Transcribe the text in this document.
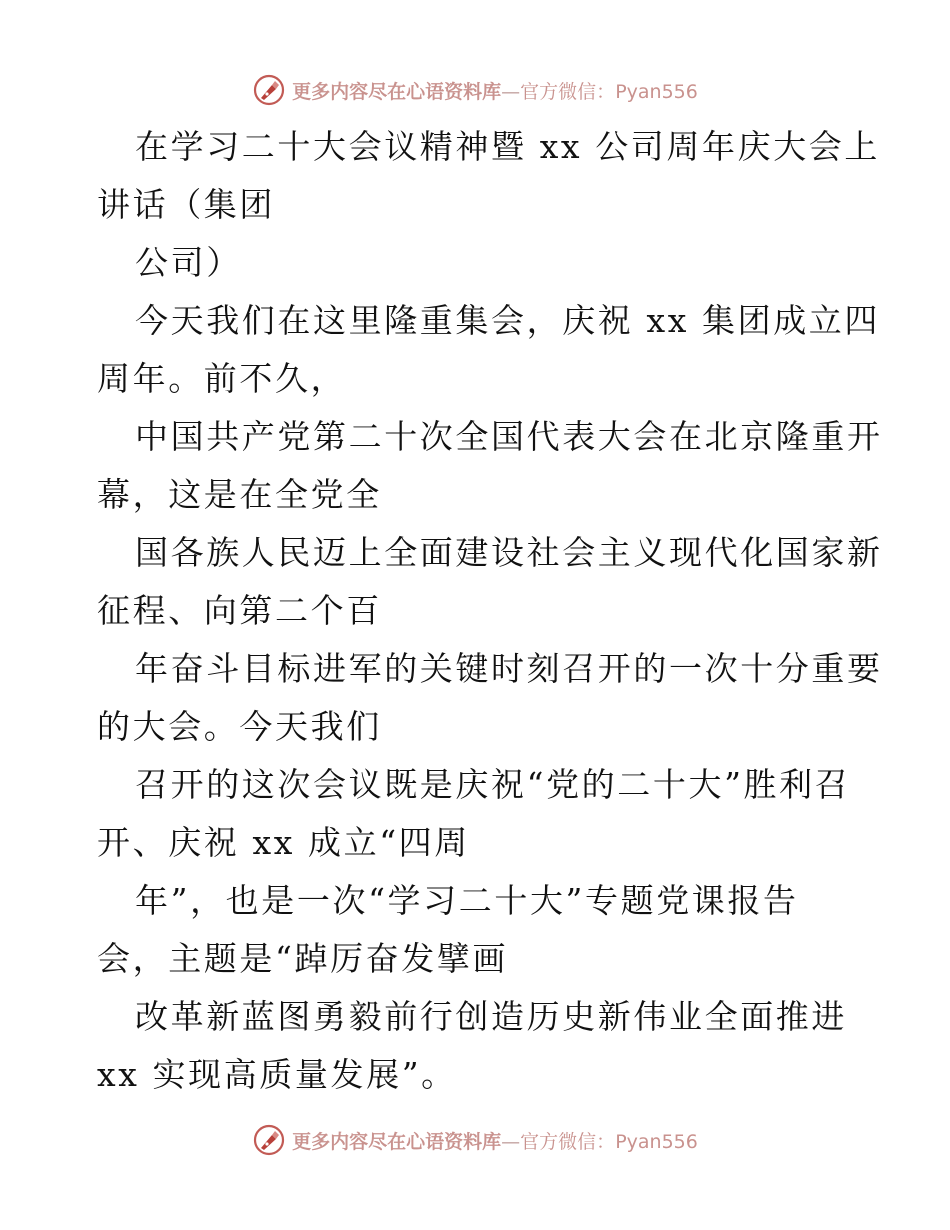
更多内容尽在心语资料库—官方微信：Pyan556
在学习二十大会议精神暨 xx 公司周年庆大会上
讲话（集团
公司）
今天我们在这里隆重集会，庆祝 xx 集团成立四
周年。前不久，
中国共产党第二十次全国代表大会在北京隆重开
幕，这是在全党全
国各族人民迈上全面建设社会主义现代化国家新
征程、向第二个百
年奋斗目标进军的关键时刻召开的一次十分重要
的大会。今天我们
召开的这次会议既是庆祝“党的二十大”胜利召
开、庆祝 xx 成立“四周
年”，也是一次“学习二十大”专题党课报告
会，主题是“踔厉奋发擘画
改革新蓝图勇毅前行创造历史新伟业全面推进
xx 实现高质量发展”。
更多内容尽在心语资料库—官方微信：Pyan556
